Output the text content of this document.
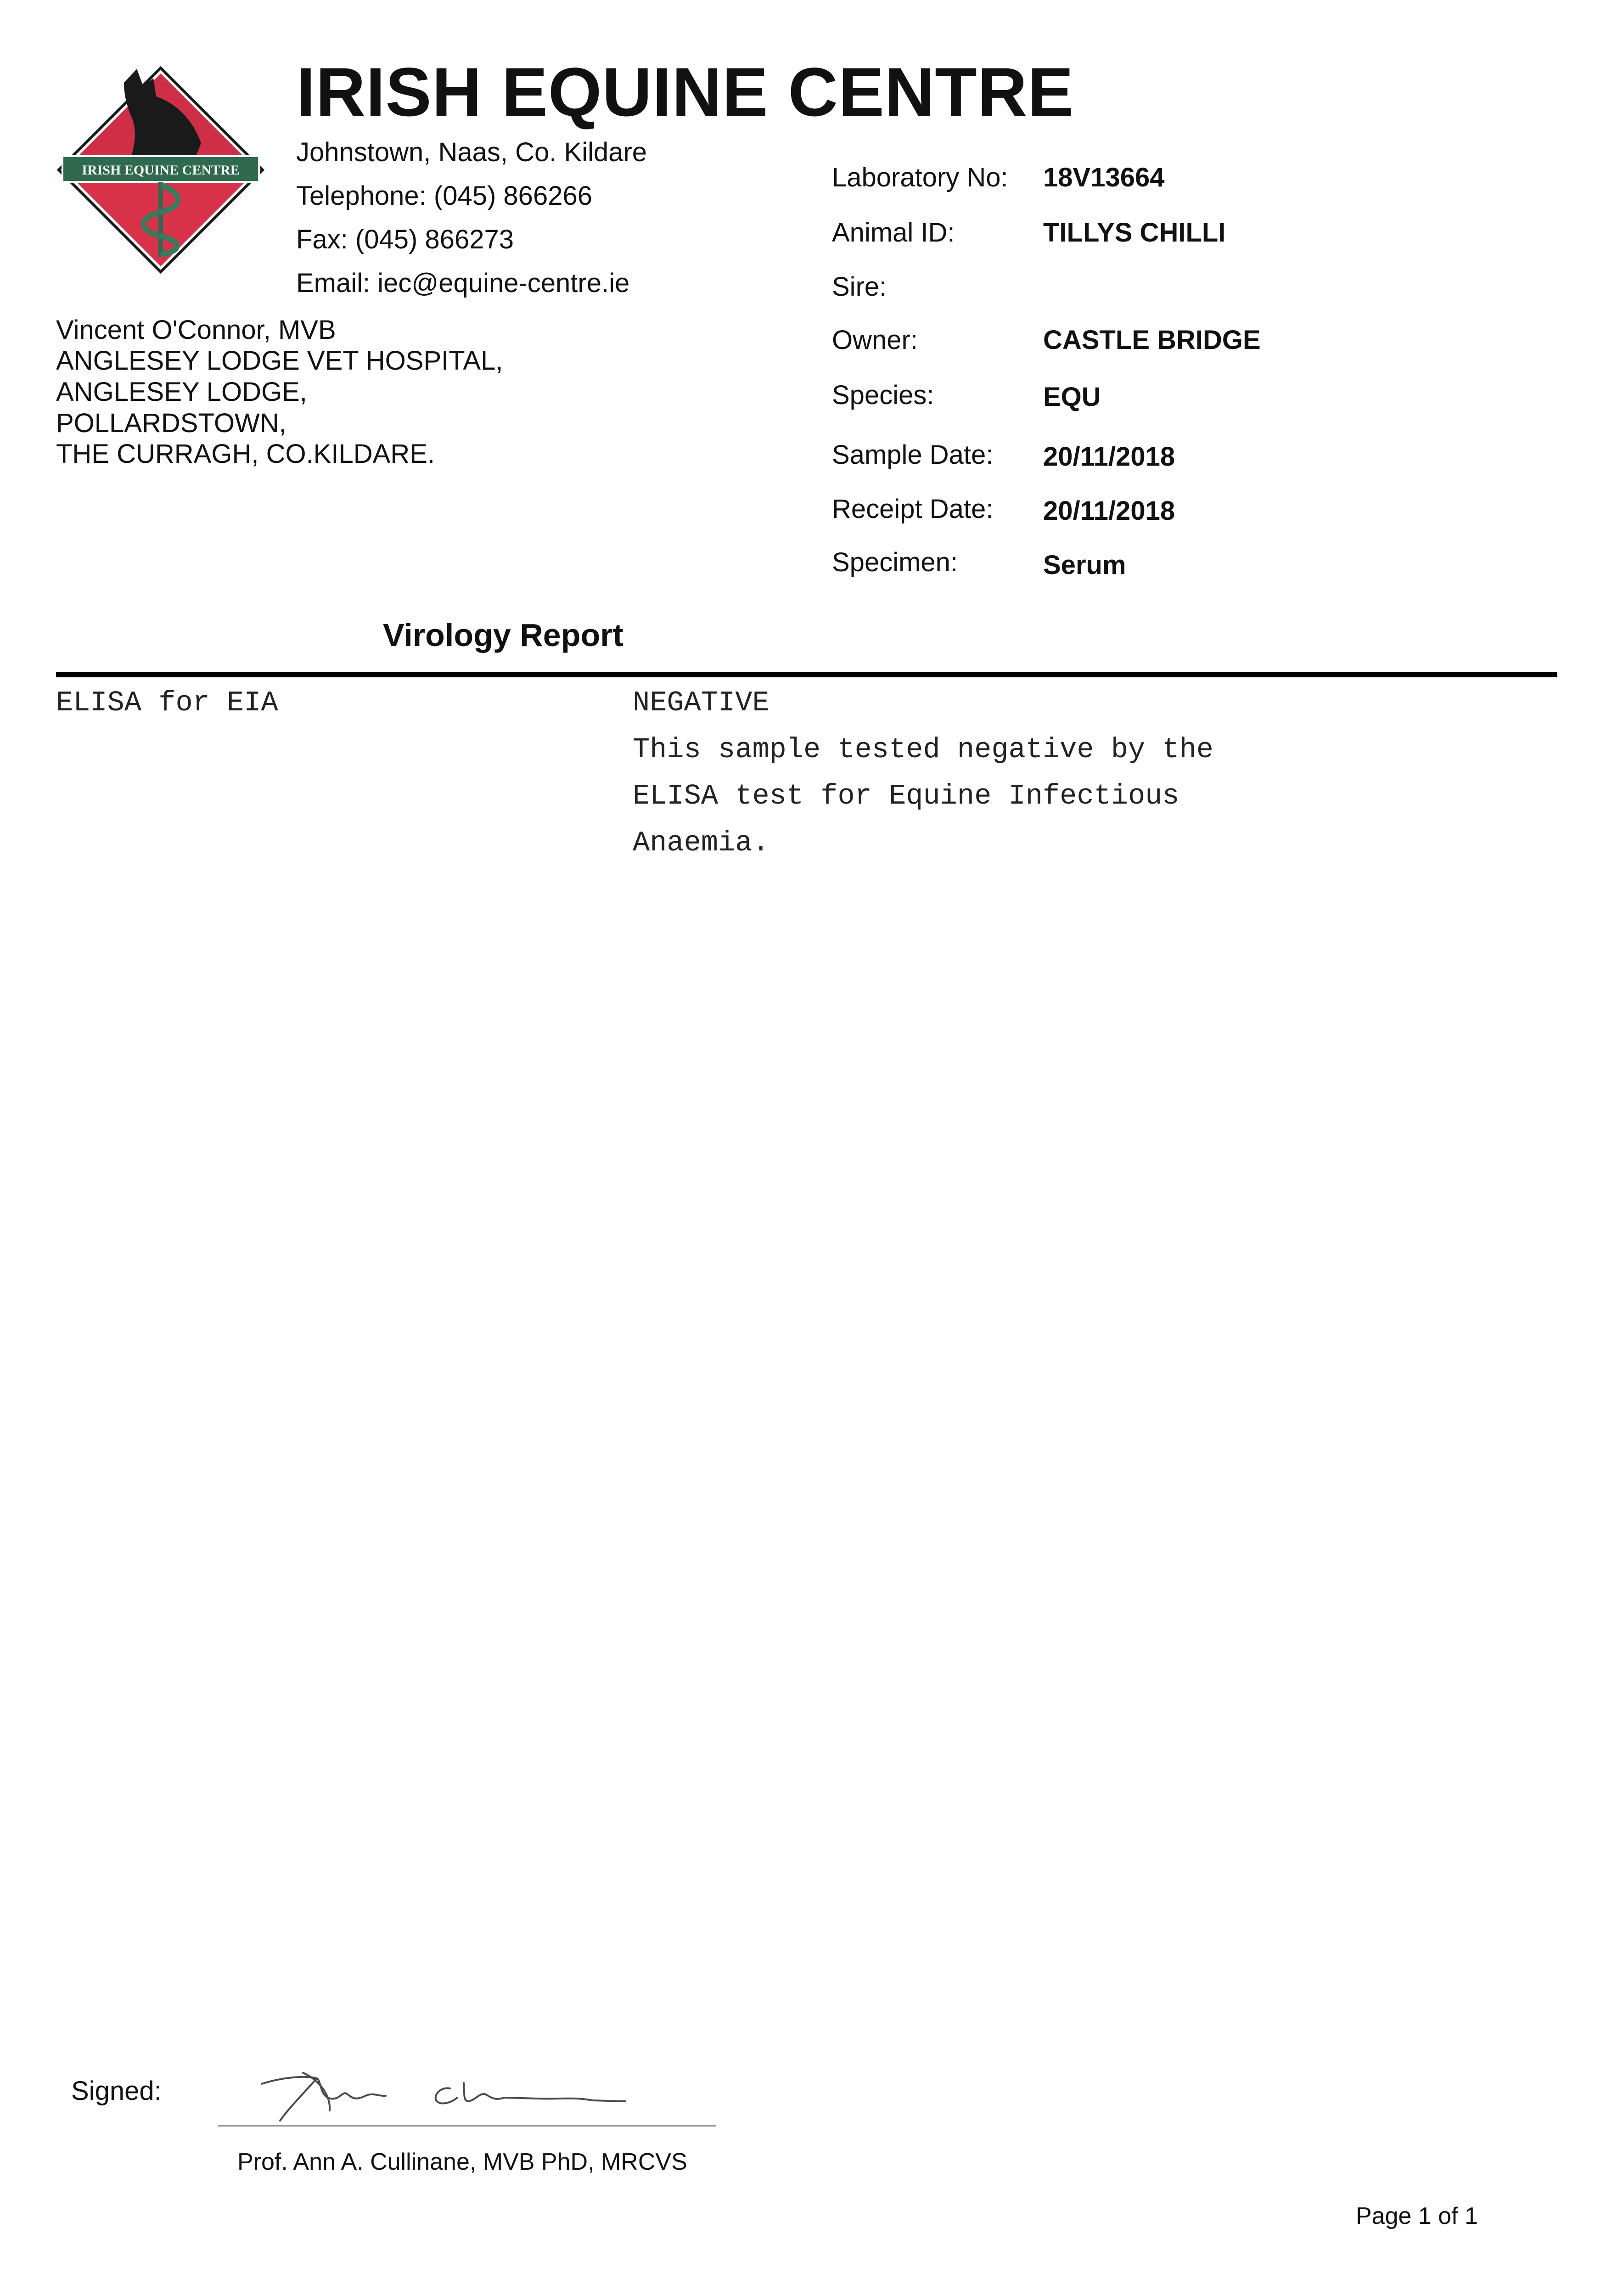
IRISH EQUINE CENTRE
IRISH EQUINE CENTRE
Johnstown, Naas, Co. Kildare
Telephone: (045) 866266
Fax: (045) 866273
Email: iec@equine-centre.ie
Vincent O'Connor, MVB
ANGLESEY LODGE VET HOSPITAL,
ANGLESEY LODGE,
POLLARDSTOWN,
THE CURRAGH, CO.KILDARE.
Laboratory No: 18V13664
Animal ID:	TILLYS CHILLI
Sire:
Owner:	CASTLE BRIDGE
Species:	EQU
Sample Date: 20/11/2018
Receipt Date: 20/11/2018
Specimen:	Serum
Virology Report
ELISA for EIA	NEGATIVE
This sample tested negative by the
ELISA test for Equine Infectious
Anaemia.
Signed:
Prof. Ann A. Cullinane, MVB PhD, MRCVS
Page 1 of 1
